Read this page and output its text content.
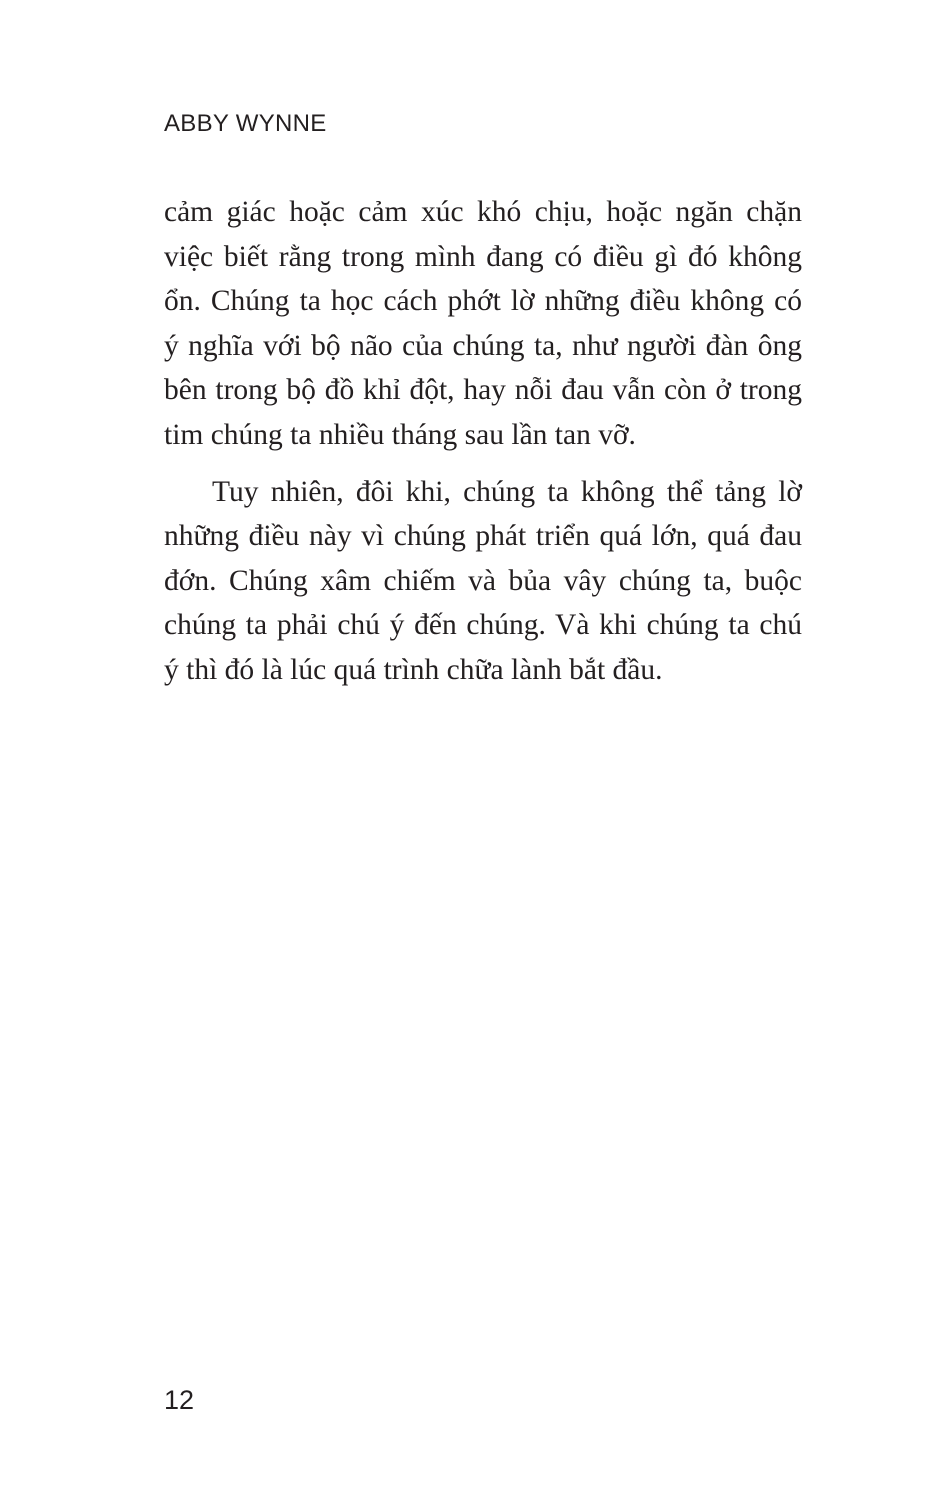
ABBY WYNNE

cảm giác hoặc cảm xúc khó chịu, hoặc ngăn chặn
việc biết rằng trong mình đang có điều gì đó không
ổn. Chúng ta học cách phớt lờ những điều không có
ý nghĩa với bộ não của chúng ta, như người đàn ông
bên trong bộ đồ khỉ đột, hay nỗi đau vẫn còn ở trong
tim chúng ta nhiều tháng sau lần tan vỡ.

Tuy nhiên, đôi khi, chúng ta không thể tảng lờ
những điều này vì chúng phát triển quá lớn, quá đau
đớn. Chúng xâm chiếm và bủa vây chúng ta, buộc
chúng ta phải chú ý đến chúng. Và khi chúng ta chú
ý thì đó là lúc quá trình chữa lành bắt đầu.

12
